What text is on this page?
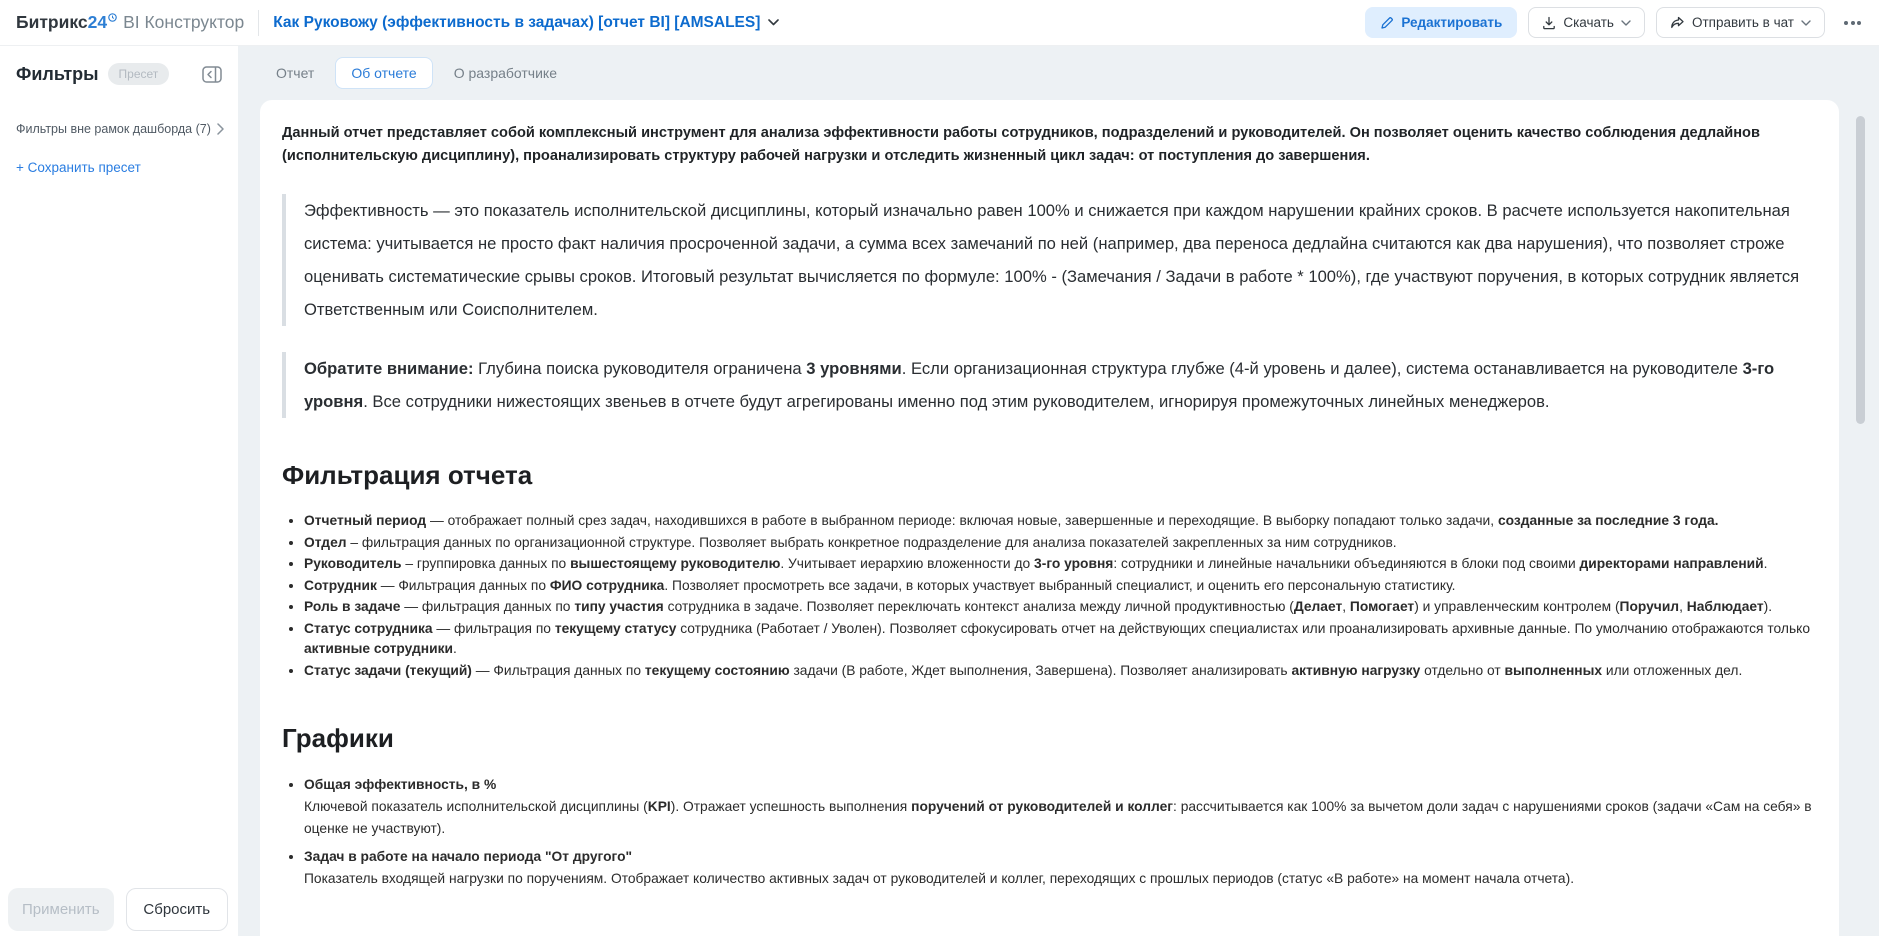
Битрикс 24 BI Конструктор Как Руковожу (эффективность в задачах) [отчет BI] [AMSALES]	Редактировать	Скачать	Отправить в чат
Фильтры	Пресет
Фильтры вне рамок дашборда (7)
+ Сохранить пресет
Применить	Сбросить
Отчет	Об отчете	О разработчике

Данный отчет представляет собой комплексный инструмент для анализа эффективности работы сотрудников, подразделений и руководителей. Он позволяет оценить качество соблюдения дедлайнов (исполнительскую дисциплину), проанализировать структуру рабочей нагрузки и отследить жизненный цикл задач: от поступления до завершения.

Эффективность — это показатель исполнительской дисциплины, который изначально равен 100% и снижается при каждом нарушении крайних сроков. В расчете используется накопительная система: учитывается не просто факт наличия просроченной задачи, а сумма всех замечаний по ней (например, два переноса дедлайна считаются как два нарушения), что позволяет строже оценивать систематические срывы сроков. Итоговый результат вычисляется по формуле: 100% - (Замечания / Задачи в работе * 100%), где участвуют поручения, в которых сотрудник является Ответственным или Соисполнителем.
Обратите внимание: Глубина поиска руководителя ограничена 3 уровнями. Если организационная структура глубже (4-й уровень и далее), система останавливается на руководителе 3-го уровня. Все сотрудники нижестоящих звеньев в отчете будут агрегированы именно под этим руководителем, игнорируя промежуточных линейных менеджеров.
Фильтрация отчета
• Отчетный период — отображает полный срез задач, находившихся в работе в выбранном периоде: включая новые, завершенные и переходящие. В выборку попадают только задачи, созданные за последние 3 года.
• Отдел – фильтрация данных по организационной структуре. Позволяет выбрать конкретное подразделение для анализа показателей закрепленных за ним сотрудников.
• Руководитель – группировка данных по вышестоящему руководителю. Учитывает иерархию вложенности до 3-го уровня: сотрудники и линейные начальники объединяются в блоки под своими директорами направлений.
• Сотрудник — Фильтрация данных по ФИО сотрудника. Позволяет просмотреть все задачи, в которых участвует выбранный специалист, и оценить его персональную статистику.
• Роль в задаче — фильтрация данных по типу участия сотрудника в задаче. Позволяет переключать контекст анализа между личной продуктивностью (Делает, Помогает) и управленческим контролем (Поручил, Наблюдает).
• Статус сотрудника — фильтрация по текущему статусу сотрудника (Работает / Уволен). Позволяет сфокусировать отчет на действующих специалистах или проанализировать архивные данные. По умолчанию отображаются только активные сотрудники.
• Статус задачи (текущий) — Фильтрация данных по текущему состоянию задачи (В работе, Ждет выполнения, Завершена). Позволяет анализировать активную нагрузку отдельно от выполненных или отложенных дел.
Графики
• Общая эффективность, в %
Ключевой показатель исполнительской дисциплины (KPI). Отражает успешность выполнения поручений от руководителей и коллег: рассчитывается как 100% за вычетом доли задач с нарушениями сроков (задачи «Сам на себя» в оценке не участвуют).
• Задач в работе на начало периода "От другого"
Показатель входящей нагрузки по поручениям. Отображает количество активных задач от руководителей и коллег, переходящих с прошлых периодов (статус «В работе» на момент начала отчета).
